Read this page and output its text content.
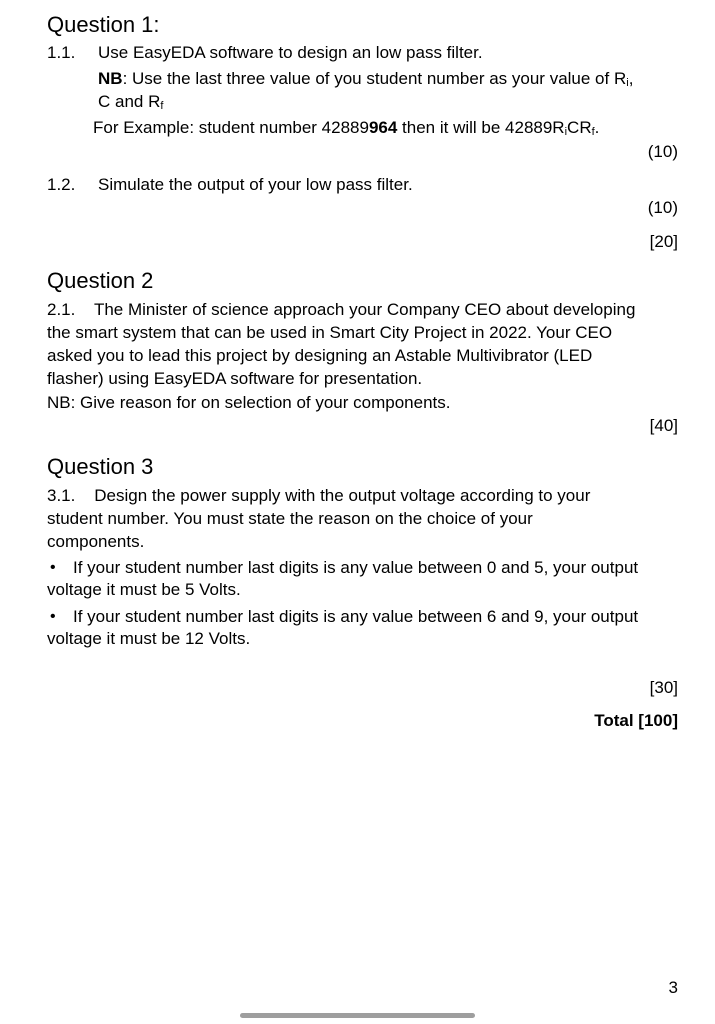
Question 1:
1.1. Use EasyEDA software to design an low pass filter.
NB: Use the last three value of you student number as your value of $R_i$,
C and $R_f$
For Example: student number 42889964 then it will be $42889R_iCR_f$.
(10)
1.2. Simulate the output of your low pass filter.
(10)
[20]
Question 2
2.1.    The Minister of science approach your Company CEO about developing
the smart system that can be used in Smart City Project in 2022. Your CEO
asked you to lead this project by designing an Astable Multivibrator (LED
flasher) using EasyEDA software for presentation.
NB: Give reason for on selection of your components.
[40]
Question 3
3.1.    Design the power supply with the output voltage according to your
student number. You must state the reason on the choice of your
components.
• If your student number last digits is any value between 0 and 5, your output
voltage it must be 5 Volts.
• If your student number last digits is any value between 6 and 9, your output
voltage it must be 12 Volts.
[30]
Total [100]
3
